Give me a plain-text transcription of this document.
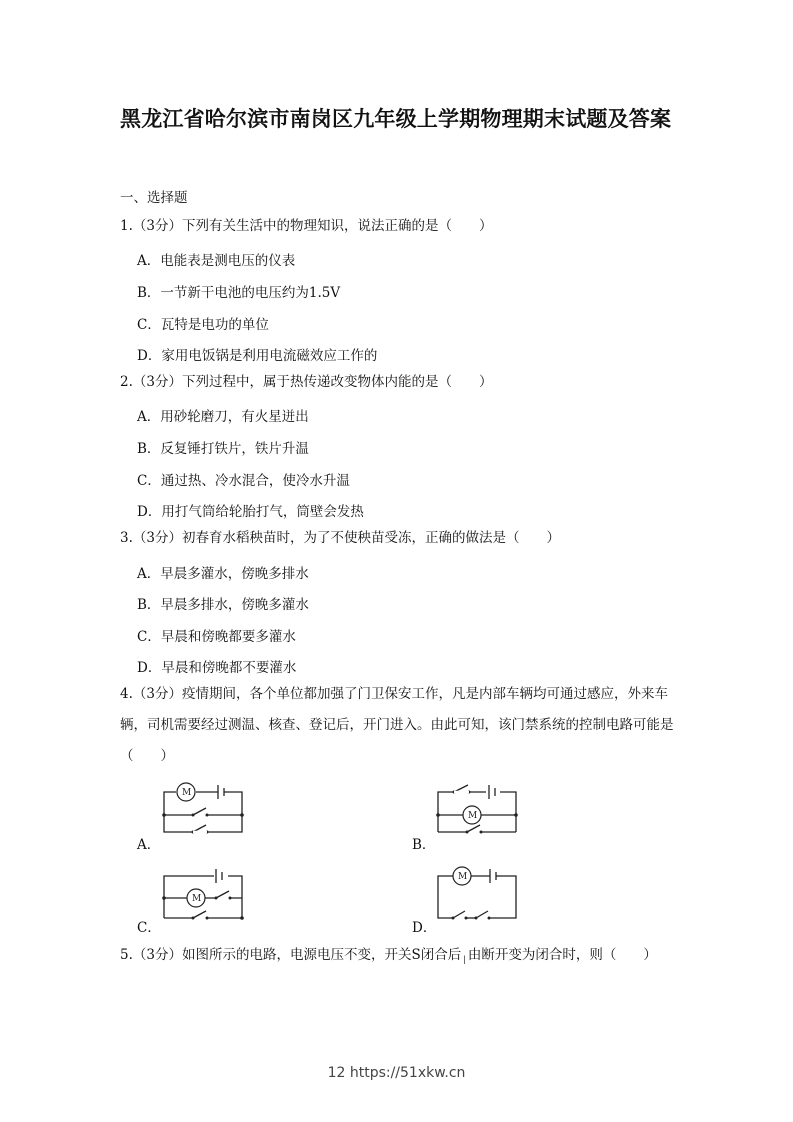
黑龙江省哈尔滨市南岗区九年级上学期物理期末试题及答案
一、选择题
1.（3分）下列有关生活中的物理知识，说法正确的是（　　）
A．电能表是测电压的仪表
B．一节新干电池的电压约为1.5V
C．瓦特是电功的单位
D．家用电饭锅是利用电流磁效应工作的
2.（3分）下列过程中，属于热传递改变物体内能的是（　　）
A．用砂轮磨刀，有火星迸出
B．反复锤打铁片，铁片升温
C．通过热、冷水混合，使冷水升温
D．用打气筒给轮胎打气，筒壁会发热
3.（3分）初春育水稻秧苗时，为了不使秧苗受冻，正确的做法是（　　）
A．早晨多灌水，傍晚多排水
B．早晨多排水，傍晚多灌水
C．早晨和傍晚都要多灌水
D．早晨和傍晚都不要灌水
4.（3分）疫情期间，各个单位都加强了门卫保安工作，凡是内部车辆均可通过感应，外来车辆，司机需要经过测温、核查、登记后，开门进入。由此可知，该门禁系统的控制电路可能是（　　）
M
A．
M
B．
M
C．
M
D．
5.（3分）如图所示的电路，电源电压不变，开关S闭合后 $_|$ 由断开变为闭合时，则（　　）
12 https://51xkw.cn
